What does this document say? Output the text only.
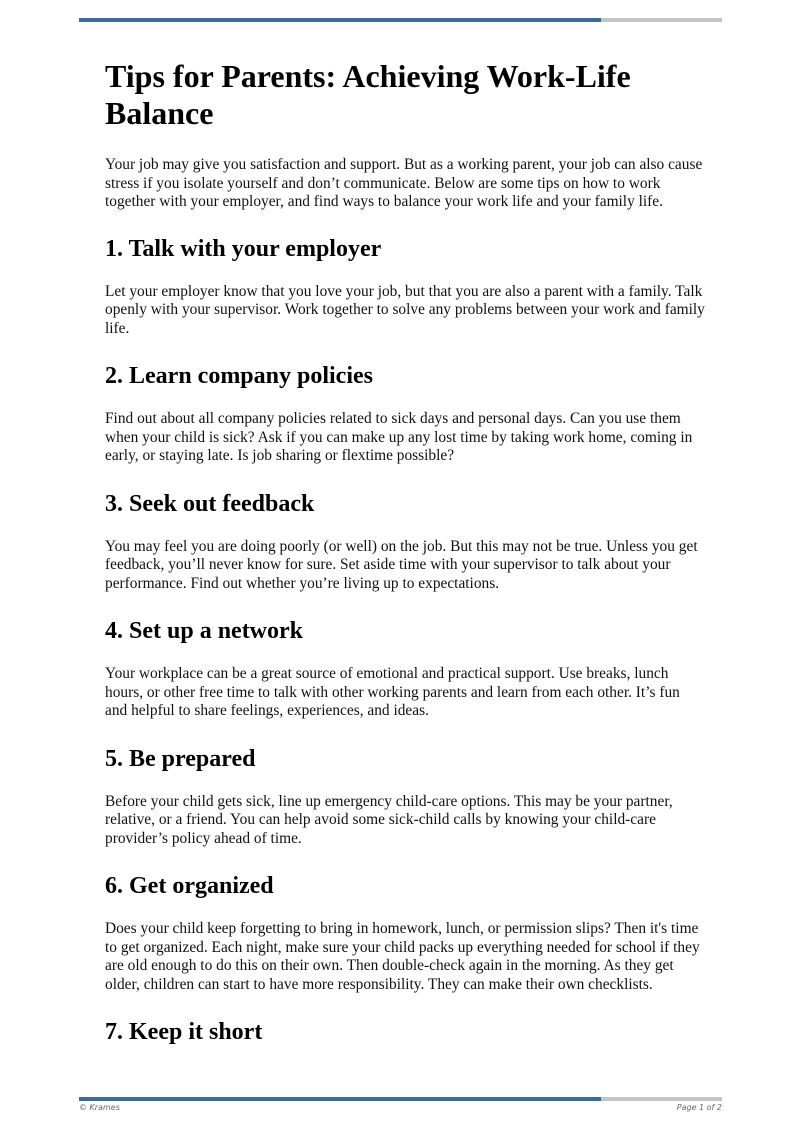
Tips for Parents: Achieving Work-Life Balance

Your job may give you satisfaction and support. But as a working parent, your job can also cause stress if you isolate yourself and don’t communicate. Below are some tips on how to work together with your employer, and find ways to balance your work life and your family life.

1. Talk with your employer

Let your employer know that you love your job, but that you are also a parent with a family. Talk openly with your supervisor. Work together to solve any problems between your work and family life.

2. Learn company policies

Find out about all company policies related to sick days and personal days. Can you use them when your child is sick? Ask if you can make up any lost time by taking work home, coming in early, or staying late. Is job sharing or flextime possible?

3. Seek out feedback

You may feel you are doing poorly (or well) on the job. But this may not be true. Unless you get feedback, you’ll never know for sure. Set aside time with your supervisor to talk about your performance. Find out whether you’re living up to expectations.

4. Set up a network

Your workplace can be a great source of emotional and practical support. Use breaks, lunch hours, or other free time to talk with other working parents and learn from each other. It’s fun and helpful to share feelings, experiences, and ideas.

5. Be prepared

Before your child gets sick, line up emergency child-care options. This may be your partner, relative, or a friend. You can help avoid some sick-child calls by knowing your child-care provider’s policy ahead of time.

6. Get organized

Does your child keep forgetting to bring in homework, lunch, or permission slips? Then it's time to get organized. Each night, make sure your child packs up everything needed for school if they are old enough to do this on their own. Then double-check again in the morning. As they get older, children can start to have more responsibility. They can make their own checklists.

7. Keep it short
© Krames	Page 1 of 2
